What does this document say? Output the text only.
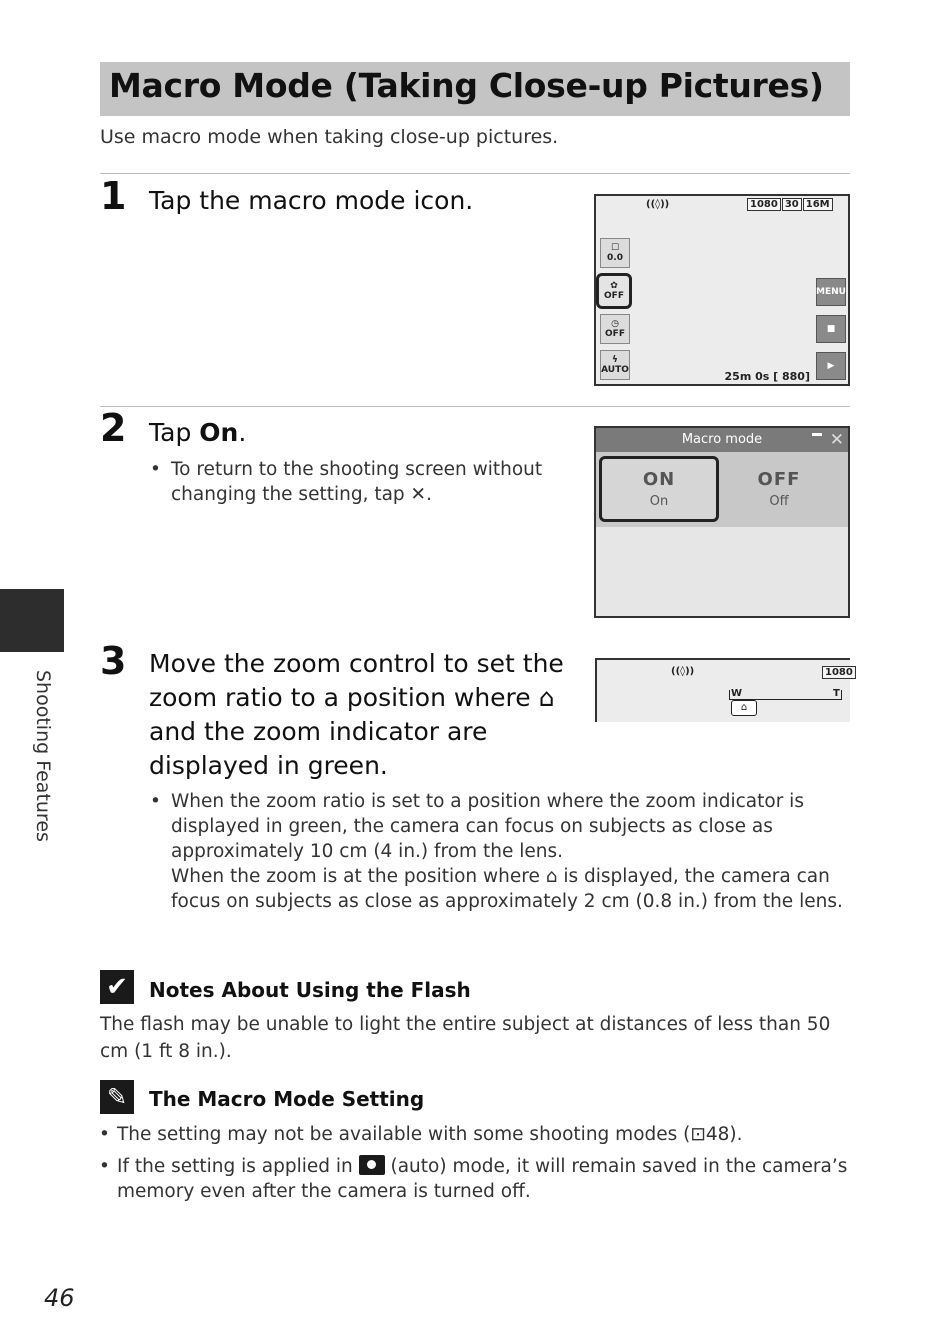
Macro Mode (Taking Close-up Pictures)
Use macro mode when taking close-up pictures.
1 Tap the macro mode icon.	((◊))	1080 30 16M
☐
0.0
✿
OFF
◷
OFF
ϟ
AUTO
MENU
■
▶
25m 0s [ 880]
2 Tap On.
• To return to the shooting screen without
changing the setting, tap ✕.
Macro mode	✕
ON
On
OFF
Off
3 Move the zoom control to set the
zoom ratio to a position where ⌂
and the zoom indicator are
displayed in green.
• When the zoom ratio is set to a position where the zoom indicator is
displayed in green, the camera can focus on subjects as close as
approximately 10 cm (4 in.) from the lens.
When the zoom is at the position where ⌂ is displayed, the camera can
focus on subjects as close as approximately 2 cm (0.8 in.) from the lens.
((◊))	1080
W	T
⌂
Shooting Features
✔	Notes About Using the Flash
The flash may be unable to light the entire subject at distances of less than 50 cm (1 ft 8 in.).
✎	The Macro Mode Setting
• The setting may not be available with some shooting modes (⊡48).
• If the setting is applied in  (auto) mode, it will remain saved in the camera’s
memory even after the camera is turned off.
46
